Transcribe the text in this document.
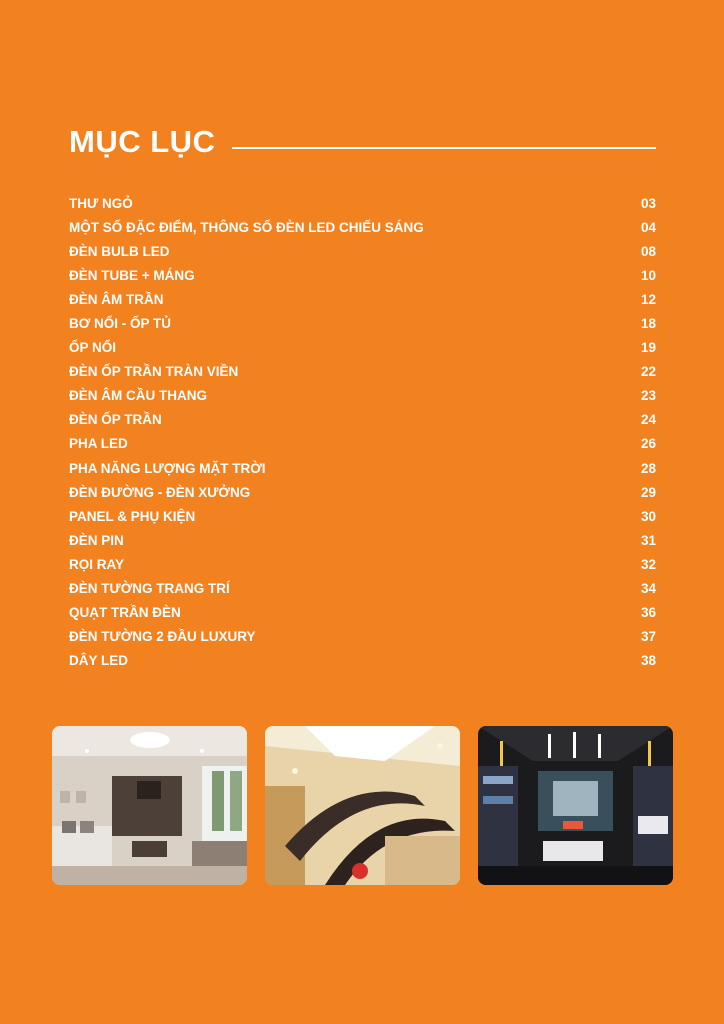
MỤC LỤC
THƯ NGỎ	03
MỘT SỐ ĐẶC ĐIỂM, THÔNG SỐ ĐÈN LED CHIẾU SÁNG	04
ĐÈN BULB LED	08
ĐÈN TUBE + MÁNG	10
ĐÈN ÂM TRẦN	12
BƠ NỔI - ỐP TỦ	18
ỐP NỔI	19
ĐÈN ỐP TRẦN TRÀN VIỀN	22
ĐÈN ÂM CẦU THANG	23
ĐÈN ỐP TRẦN	24
PHA LED	26
PHA NĂNG LƯỢNG MẶT TRỜI	28
ĐÈN ĐƯỜNG - ĐÈN XƯỞNG	29
PANEL & PHỤ KIỆN	30
ĐÈN PIN	31
RỌI RAY	32
ĐÈN TƯỜNG TRANG TRÍ	34
QUẠT TRẦN ĐÈN	36
ĐÈN TƯỜNG 2 ĐẦU LUXURY	37
DÂY LED	38
